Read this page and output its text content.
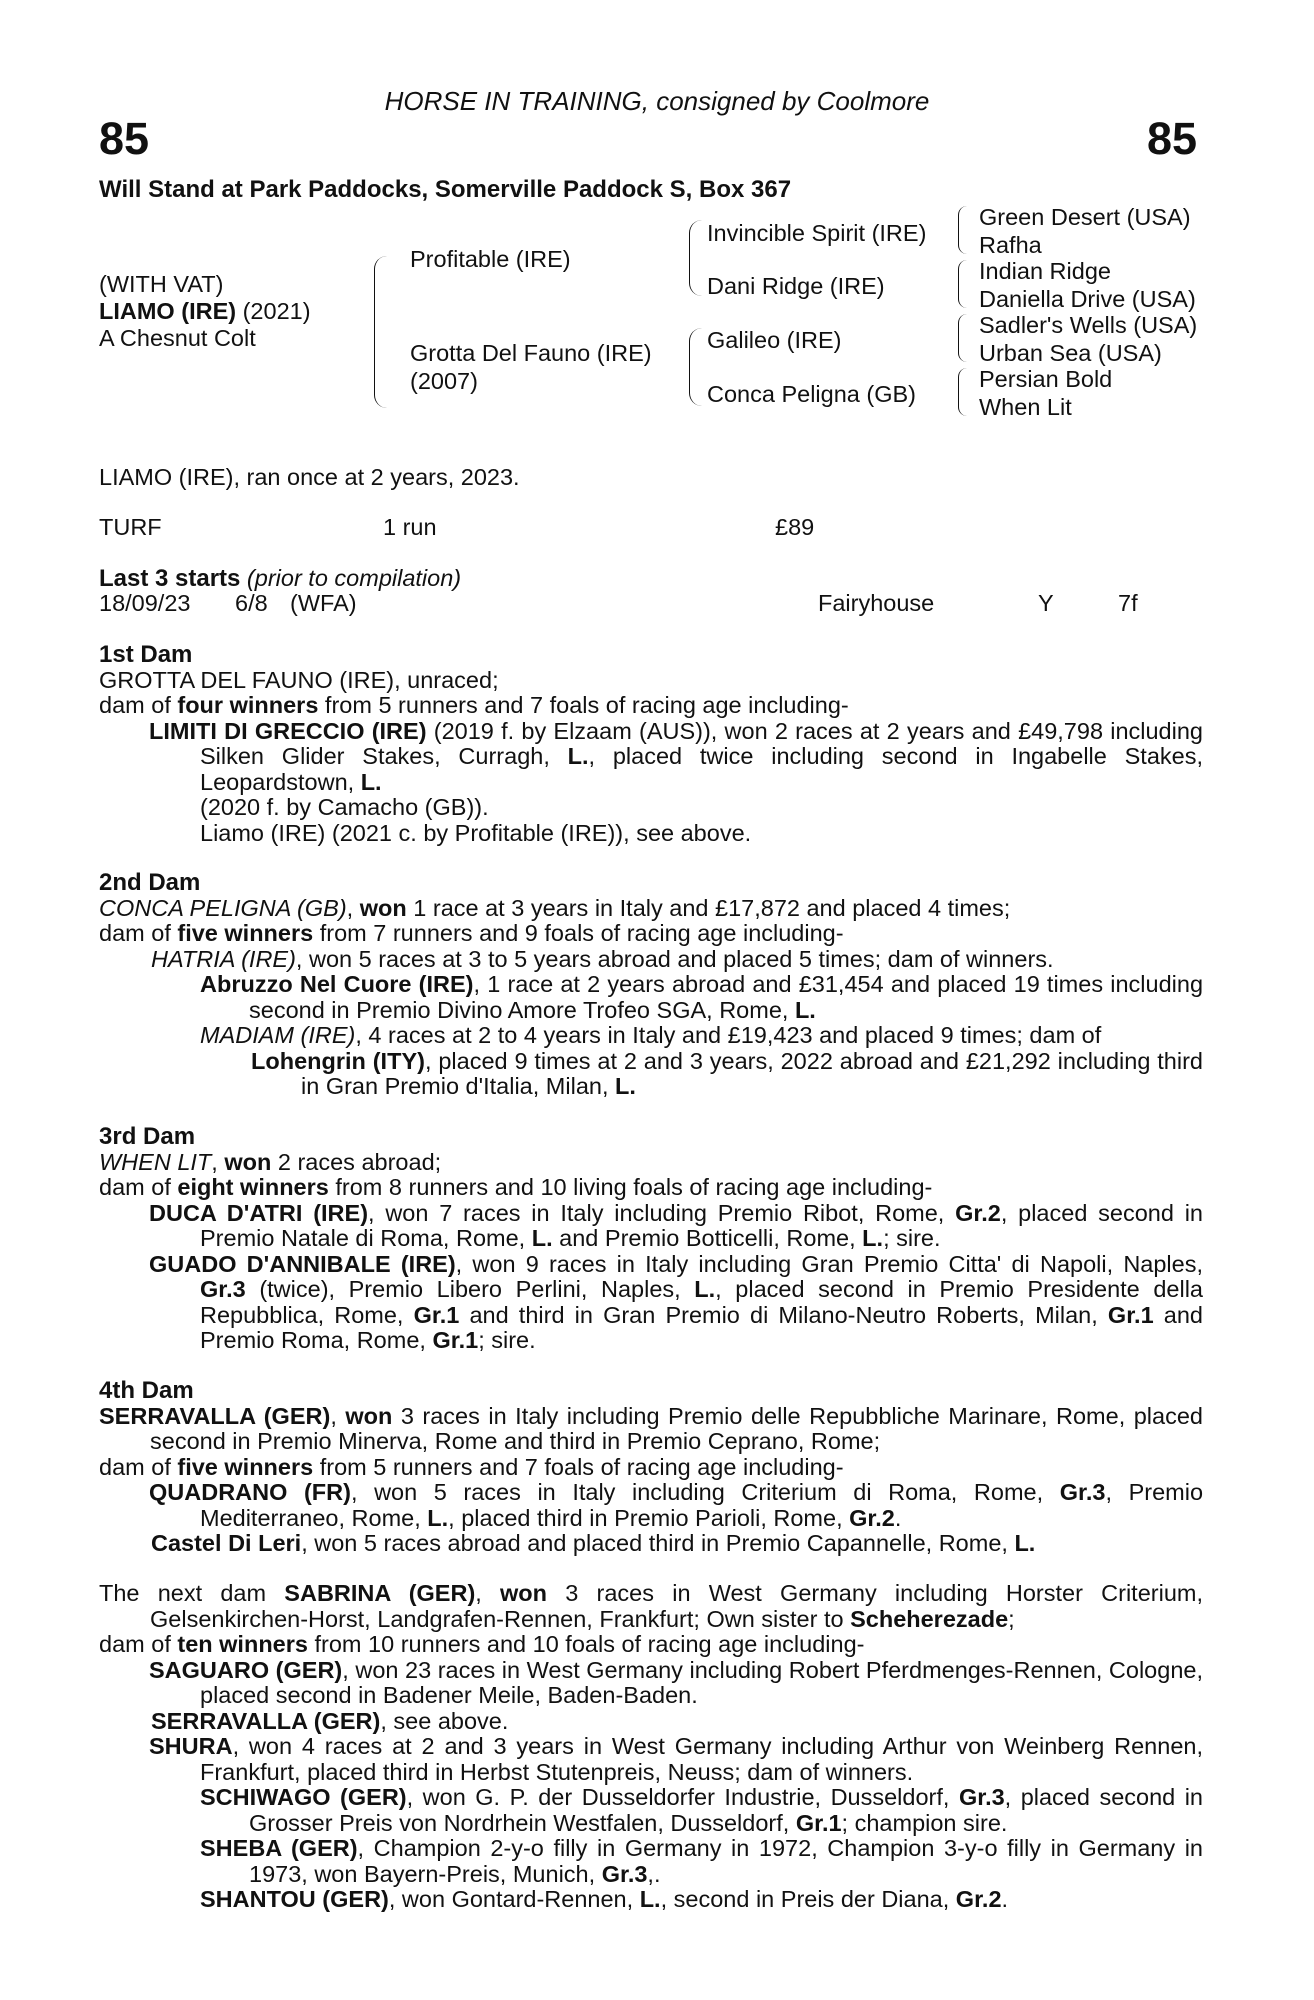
HORSE IN TRAINING, consigned by Coolmore
85	85
Will Stand at Park Paddocks, Somerville Paddock S, Box 367
(WITH VAT)
LIAMO (IRE) (2021)
A Chesnut Colt
Profitable (IRE)
Grotta Del Fauno (IRE)
(2007)
Invincible Spirit (IRE)
Dani Ridge (IRE)
Galileo (IRE)
Conca Peligna (GB)
Green Desert (USA)
Rafha
Indian Ridge
Daniella Drive (USA)
Sadler's Wells (USA)
Urban Sea (USA)
Persian Bold
When Lit
LIAMO (IRE), ran once at 2 years, 2023.
TURF	1 run	£89
Last 3 starts (prior to compilation)
18/09/23 6/8 (WFA)	Fairyhouse	Y	7f

1st Dam

GROTTA DEL FAUNO (IRE), unraced;

dam of four winners from 5 runners and 7 foals of racing age including-

LIMITI DI GRECCIO (IRE) (2019 f. by Elzaam (AUS)), won 2 races at 2 years and £49,798 including Silken Glider Stakes, Curragh, L., placed twice including second in Ingabelle Stakes, Leopardstown, L.

(2020 f. by Camacho (GB)).

Liamo (IRE) (2021 c. by Profitable (IRE)), see above.

2nd Dam

CONCA PELIGNA (GB), won 1 race at 3 years in Italy and £17,872 and placed 4 times;

dam of five winners from 7 runners and 9 foals of racing age including-

HATRIA (IRE), won 5 races at 3 to 5 years abroad and placed 5 times; dam of winners.

Abruzzo Nel Cuore (IRE), 1 race at 2 years abroad and £31,454 and placed 19 times including second in Premio Divino Amore Trofeo SGA, Rome, L.

MADIAM (IRE), 4 races at 2 to 4 years in Italy and £19,423 and placed 9 times; dam of

Lohengrin (ITY), placed 9 times at 2 and 3 years, 2022 abroad and £21,292 including third in Gran Premio d'Italia, Milan, L.

3rd Dam

WHEN LIT, won 2 races abroad;

dam of eight winners from 8 runners and 10 living foals of racing age including-

DUCA D'ATRI (IRE), won 7 races in Italy including Premio Ribot, Rome, Gr.2, placed second in Premio Natale di Roma, Rome, L. and Premio Botticelli, Rome, L.; sire.

GUADO D'ANNIBALE (IRE), won 9 races in Italy including Gran Premio Citta' di Napoli, Naples, Gr.3 (twice), Premio Libero Perlini, Naples, L., placed second in Premio Presidente della Repubblica, Rome, Gr.1 and third in Gran Premio di Milano-Neutro Roberts, Milan, Gr.1 and Premio Roma, Rome, Gr.1; sire.

4th Dam

SERRAVALLA (GER), won 3 races in Italy including Premio delle Repubbliche Marinare, Rome, placed second in Premio Minerva, Rome and third in Premio Ceprano, Rome;

dam of five winners from 5 runners and 7 foals of racing age including-

QUADRANO (FR), won 5 races in Italy including Criterium di Roma, Rome, Gr.3, Premio Mediterraneo, Rome, L., placed third in Premio Parioli, Rome, Gr.2.

Castel Di Leri, won 5 races abroad and placed third in Premio Capannelle, Rome, L.

The next dam SABRINA (GER), won 3 races in West Germany including Horster Criterium, Gelsenkirchen-Horst, Landgrafen-Rennen, Frankfurt; Own sister to Scheherezade;

dam of ten winners from 10 runners and 10 foals of racing age including-

SAGUARO (GER), won 23 races in West Germany including Robert Pferdmenges-Rennen, Cologne, placed second in Badener Meile, Baden-Baden.

SERRAVALLA (GER), see above.

SHURA, won 4 races at 2 and 3 years in West Germany including Arthur von Weinberg Rennen, Frankfurt, placed third in Herbst Stutenpreis, Neuss; dam of winners.

SCHIWAGO (GER), won G. P. der Dusseldorfer Industrie, Dusseldorf, Gr.3, placed second in Grosser Preis von Nordrhein Westfalen, Dusseldorf, Gr.1; champion sire.

SHEBA (GER), Champion 2-y-o filly in Germany in 1972, Champion 3-y-o filly in Germany in 1973, won Bayern-Preis, Munich, Gr.3,.

SHANTOU (GER), won Gontard-Rennen, L., second in Preis der Diana, Gr.2.
